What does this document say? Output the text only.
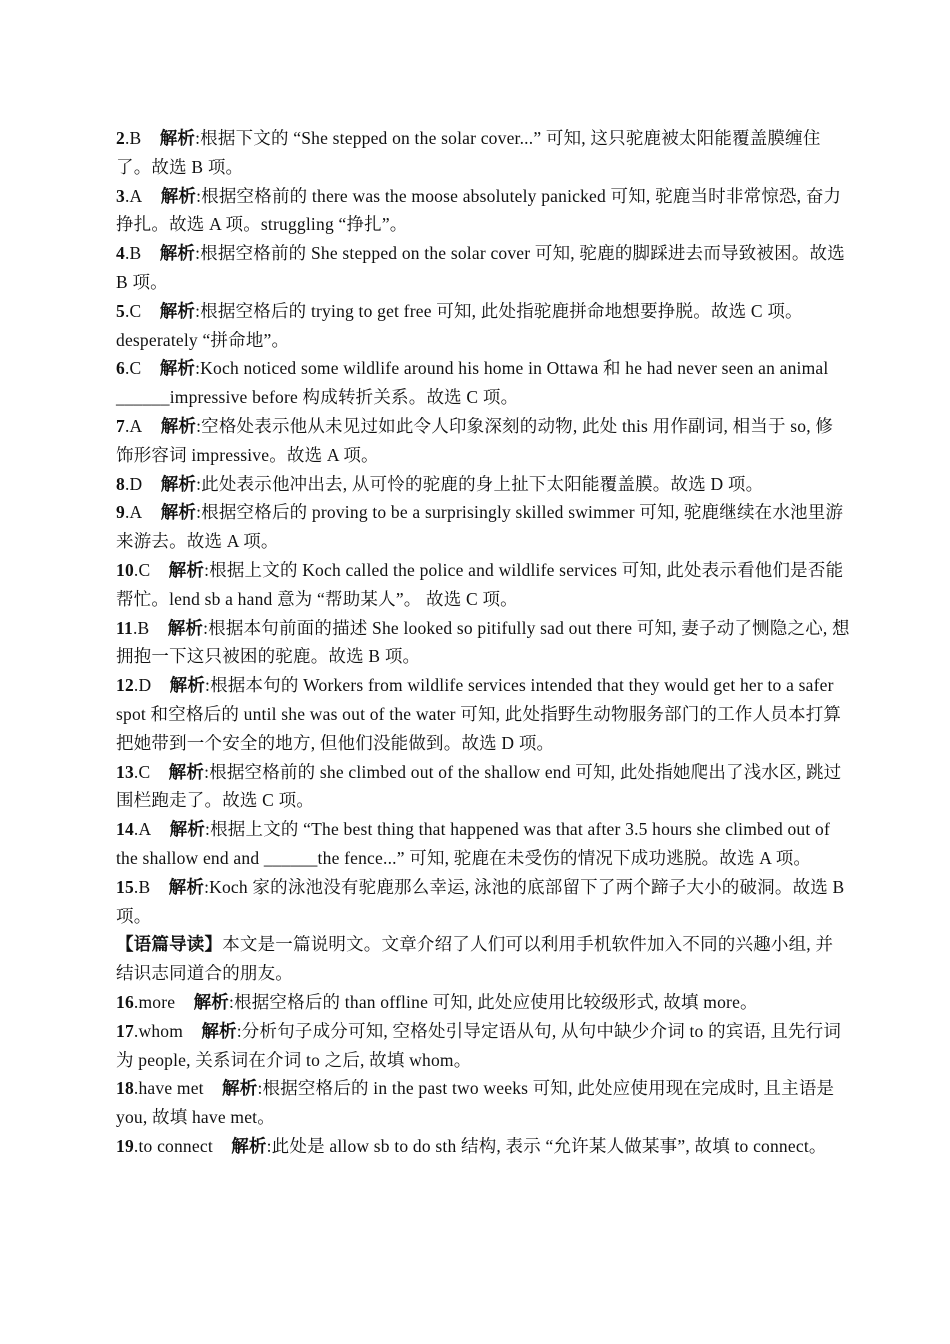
2.B 解析:根据下文的 “She stepped on the solar cover...” 可知, 这只驼鹿被太阳能覆盖膜缠住了。故选 B 项。

3.A 解析:根据空格前的 there was the moose absolutely panicked 可知, 驼鹿当时非常惊恐, 奋力挣扎。故选 A 项。struggling “挣扎”。

4.B 解析:根据空格前的 She stepped on the solar cover 可知, 驼鹿的脚踩进去而导致被困。故选 B 项。

5.C 解析:根据空格后的 trying to get free 可知, 此处指驼鹿拼命地想要挣脱。故选 C 项。desperately “拼命地”。

6.C 解析:Koch noticed some wildlife around his home in Ottawa 和 he had never seen an animal ______impressive before 构成转折关系。故选 C 项。

7.A 解析:空格处表示他从未见过如此令人印象深刻的动物, 此处 this 用作副词, 相当于 so, 修饰形容词 impressive。故选 A 项。

8.D 解析:此处表示他冲出去, 从可怜的驼鹿的身上扯下太阳能覆盖膜。故选 D 项。

9.A 解析:根据空格后的 proving to be a surprisingly skilled swimmer 可知, 驼鹿继续在水池里游来游去。故选 A 项。

10.C 解析:根据上文的 Koch called the police and wildlife services 可知, 此处表示看他们是否能帮忙。lend sb a hand 意为 “帮助某人”。 故选 C 项。

11.B 解析:根据本句前面的描述 She looked so pitifully sad out there 可知, 妻子动了恻隐之心, 想拥抱一下这只被困的驼鹿。故选 B 项。

12.D 解析:根据本句的 Workers from wildlife services intended that they would get her to a safer spot 和空格后的 until she was out of the water 可知, 此处指野生动物服务部门的工作人员本打算把她带到一个安全的地方, 但他们没能做到。故选 D 项。

13.C 解析:根据空格前的 she climbed out of the shallow end 可知, 此处指她爬出了浅水区, 跳过围栏跑走了。故选 C 项。

14.A 解析:根据上文的 “The best thing that happened was that after 3.5 hours she climbed out of the shallow end and ______the fence...” 可知, 驼鹿在未受伤的情况下成功逃脱。故选 A 项。

15.B 解析:Koch 家的泳池没有驼鹿那么幸运, 泳池的底部留下了两个蹄子大小的破洞。故选 B 项。

【语篇导读】本文是一篇说明文。文章介绍了人们可以利用手机软件加入不同的兴趣小组, 并结识志同道合的朋友。

16.more 解析:根据空格后的 than offline 可知, 此处应使用比较级形式, 故填 more。

17.whom 解析:分析句子成分可知, 空格处引导定语从句, 从句中缺少介词 to 的宾语, 且先行词为 people, 关系词在介词 to 之后, 故填 whom。

18.have met 解析:根据空格后的 in the past two weeks 可知, 此处应使用现在完成时, 且主语是 you, 故填 have met。

19.to connect 解析:此处是 allow sb to do sth 结构, 表示 “允许某人做某事”, 故填 to connect。
